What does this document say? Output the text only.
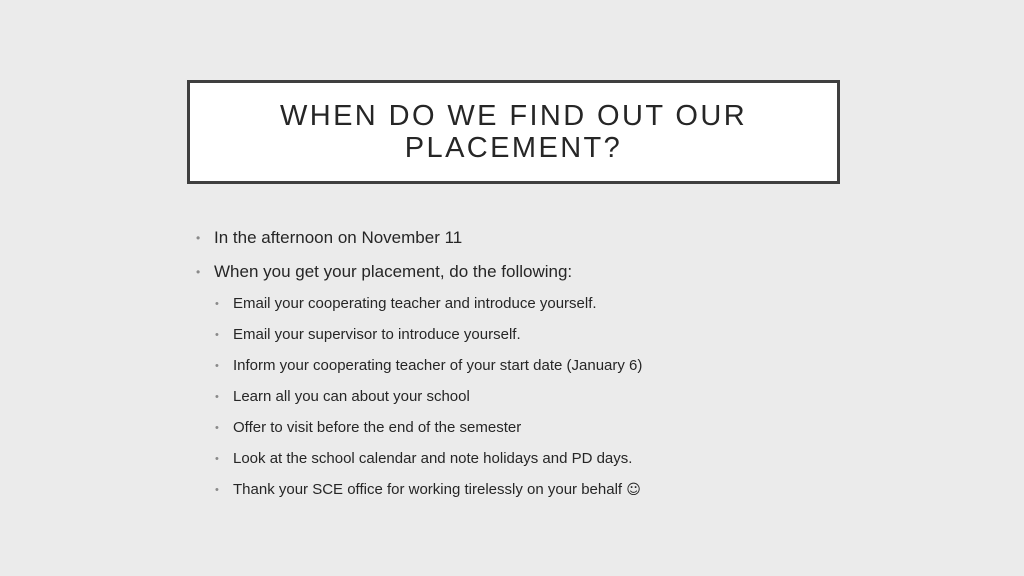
WHEN DO WE FIND OUT OUR
PLACEMENT?
• In the afternoon on November 11
• When you get your placement, do the following:
• Email your cooperating teacher and introduce yourself.
• Email your supervisor to introduce yourself.
• Inform your cooperating teacher of your start date (January 6)
• Learn all you can about your school
• Offer to visit before the end of the semester
• Look at the school calendar and note holidays and PD days.
• Thank your SCE office for working tirelessly on your behalf ☺
